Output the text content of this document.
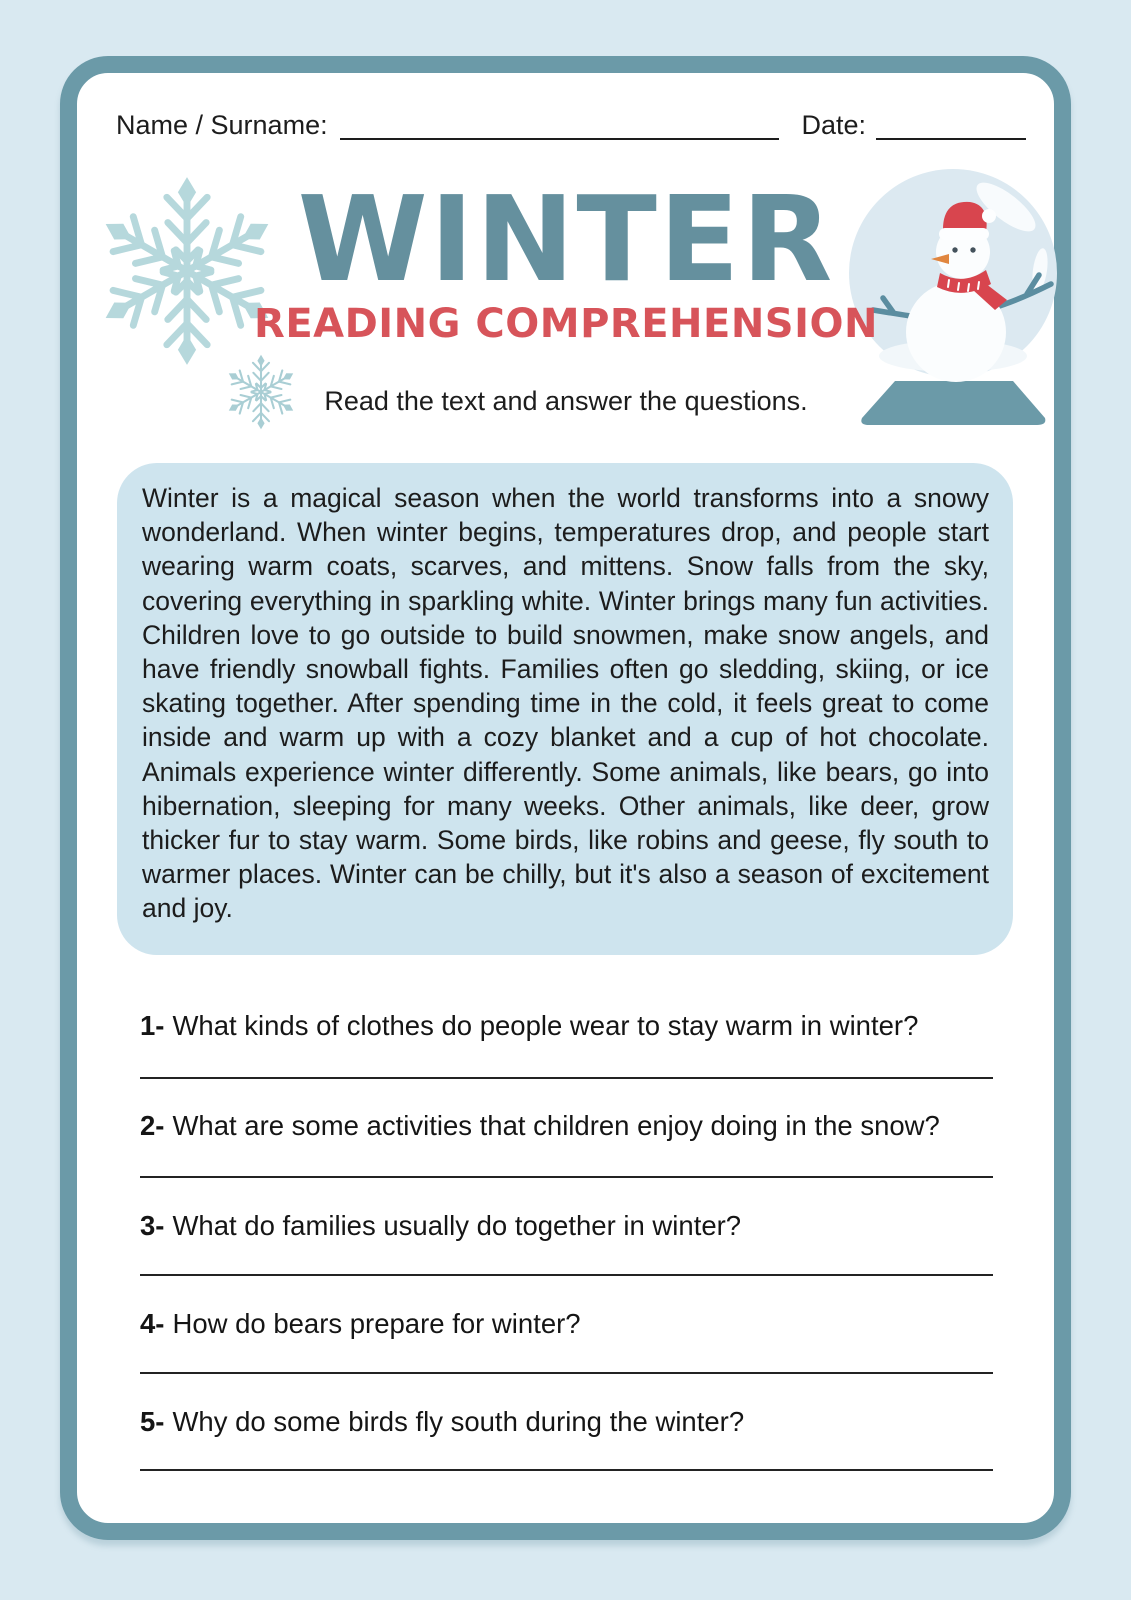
Name / Surname:	Date:
WINTER
READING COMPREHENSION
Read the text and answer the questions.
Winter is a magical season when the world transforms into a snowy wonderland. When winter begins, temperatures drop, and people start wearing warm coats, scarves, and mittens. Snow falls from the sky, covering everything in sparkling white. Winter brings many fun activities. Children love to go outside to build snowmen, make snow angels, and have friendly snowball fights. Families often go sledding, skiing, or ice skating together. After spending time in the cold, it feels great to come inside and warm up with a cozy blanket and a cup of hot chocolate. Animals experience winter differently. Some animals, like bears, go into hibernation, sleeping for many weeks. Other animals, like deer, grow thicker fur to stay warm. Some birds, like robins and geese, fly south to warmer places. Winter can be chilly, but it's also a season of excitement and joy.
1- What kinds of clothes do people wear to stay warm in winter?
2- What are some activities that children enjoy doing in the snow?
3- What do families usually do together in winter?
4- How do bears prepare for winter?
5- Why do some birds fly south during the winter?
